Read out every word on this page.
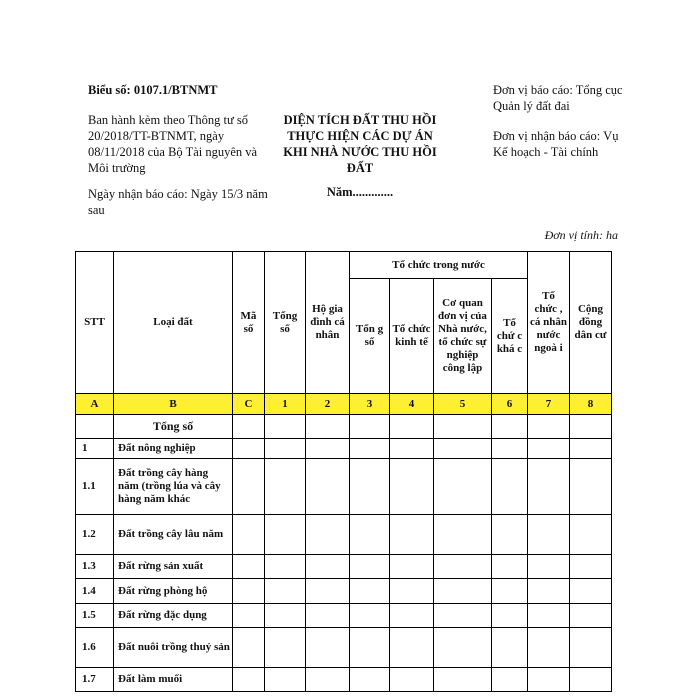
Biểu số: 0107.1/BTNMT
Ban hành kèm theo Thông tư số 20/2018/TT-BTNMT, ngày 08/11/2018 của Bộ Tài nguyên và Môi trường
Ngày nhận báo cáo: Ngày 15/3 năm sau
DIỆN TÍCH ĐẤT THU HỒI THỰC HIỆN CÁC DỰ ÁN KHI NHÀ NƯỚC THU HỒI ĐẤT
Năm.............
Đơn vị báo cáo: Tổng cục Quản lý đất đai
Đơn vị nhận báo cáo: Vụ Kế hoạch - Tài chính
Đơn vị tính: ha
STT	Loại đất	Mã số	Tổng số	Hộ gia đình cá nhân	Tổ chức trong nước				Tổ chức , cá nhân nước ngoà i	Cộng đồng dân cư
					Tổn g số	Tổ chức kinh tế	Cơ quan đơn vị của Nhà nước, tổ chức sự nghiệp công lập	Tổ chứ c khá c		
A	B	C	1	2	3	4	5	6	7	8
	Tổng số									
1	Đất nông nghiệp									
1.1	Đất trồng cây hàng năm (trồng lúa và cây hàng năm khác									
1.2	Đất trồng cây lâu năm									
1.3	Đất rừng sản xuất									
1.4	Đất rừng phòng hộ									
1.5	Đất rừng đặc dụng									
1.6	Đất nuôi trồng thuỷ sản									
1.7	Đất làm muối									
